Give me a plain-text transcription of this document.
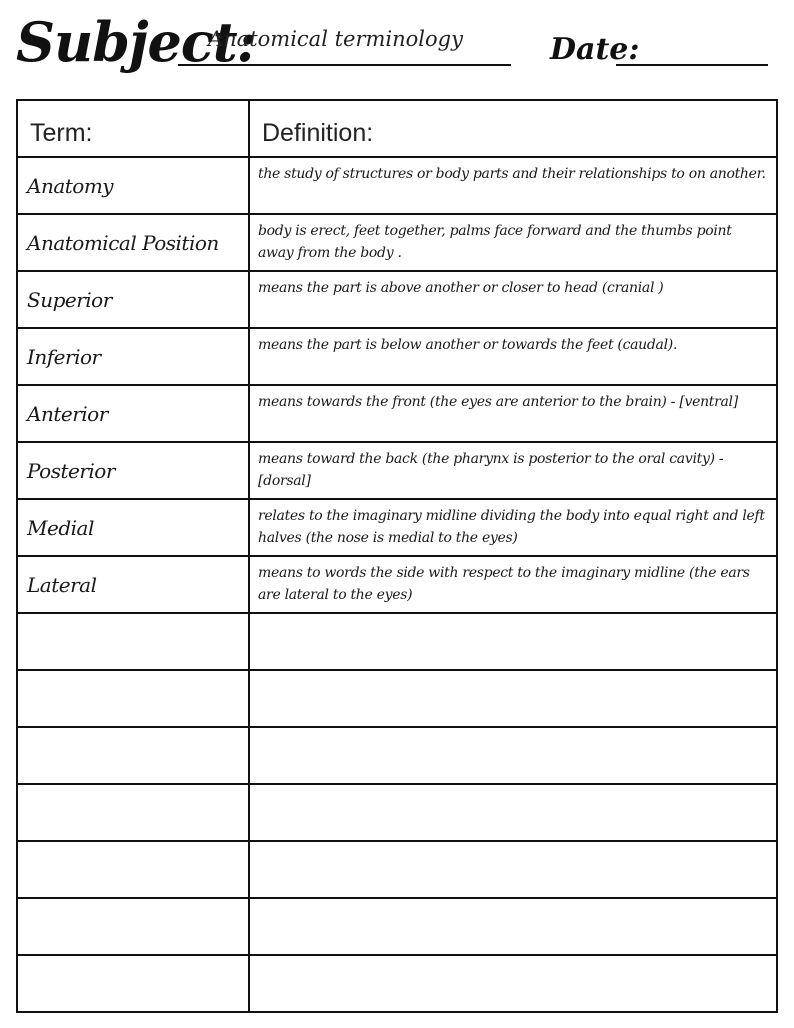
Subject:
Anatomical terminology	Date:
Term:	Definition:

Anatomy	the study of structures or body parts and their relationships to on another.

Anatomical Position	body is erect, feet together, palms face forward and the thumbs point away from the body .

Superior	means the part is above another or closer to head (cranial )

Inferior	means the part is below another or towards the feet (caudal).

Anterior	means towards the front (the eyes are anterior to the brain) - [ventral]

Posterior	means toward the back (the pharynx is posterior to the oral cavity) - [dorsal]

Medial	relates to the imaginary midline dividing the body into equal right and left halves (the nose is medial to the eyes)

Lateral	means to words the side with respect to the imaginary midline (the ears are lateral to the eyes)
